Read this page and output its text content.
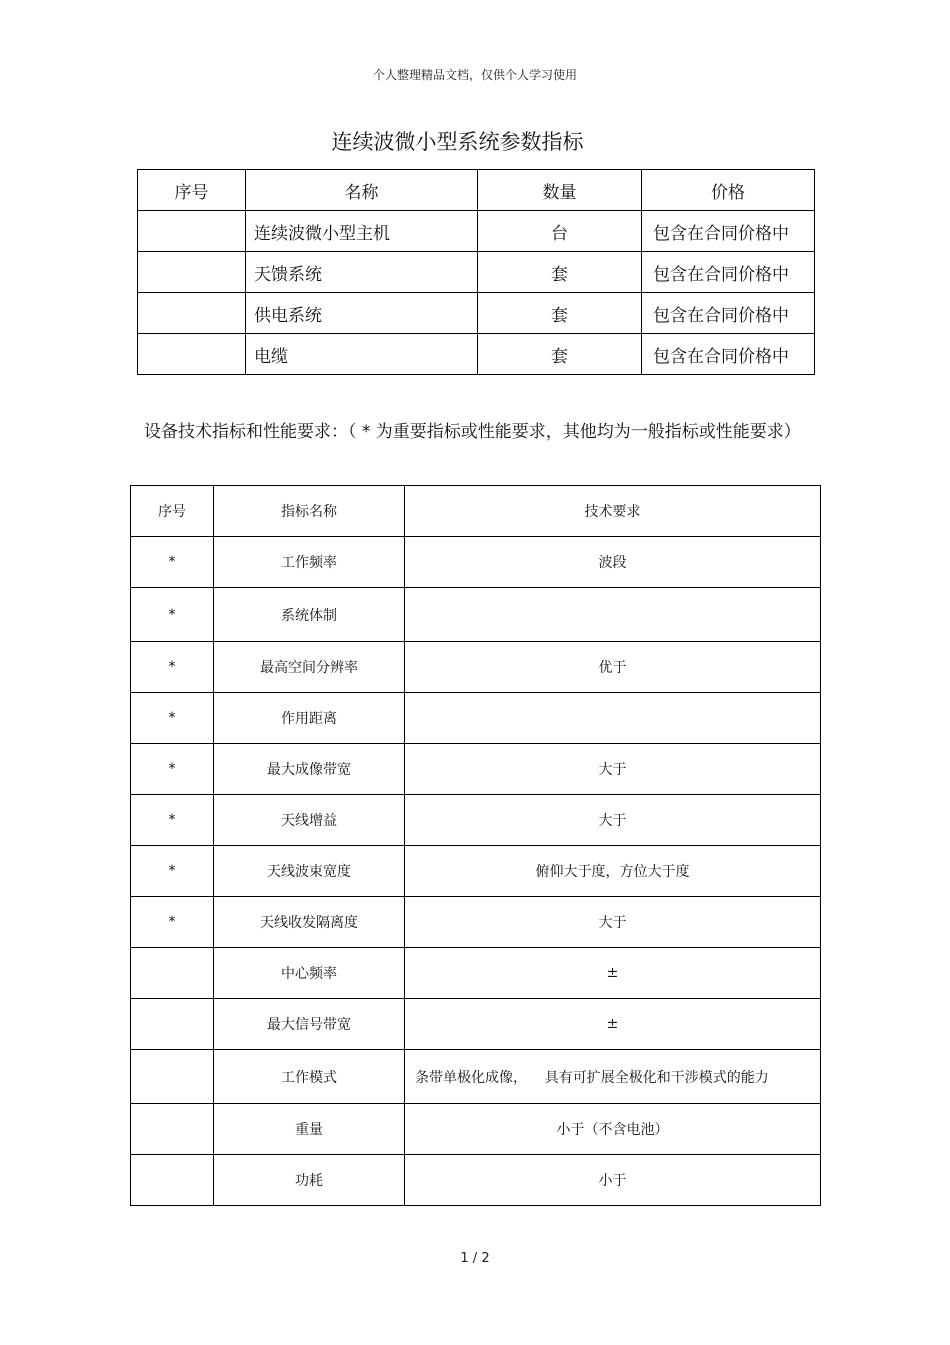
个人整理精品文档，仅供个人学习使用
连续波微小型系统参数指标
序号	名称	数量	价格
	连续波微小型主机	台	包含在合同价格中
	天馈系统	套	包含在合同价格中
	供电系统	套	包含在合同价格中
	电缆	套	包含在合同价格中
设备技术指标和性能要求：（ * 为重要指标或性能要求，其他均为一般指标或性能要求）
序号	指标名称	技术要求
*	工作频率	波段
*	系统体制	
*	最高空间分辨率	优于
*	作用距离	
*	最大成像带宽	大于
*	天线增益	大于
*	天线波束宽度	俯仰大于度，方位大于度
*	天线收发隔离度	大于
	中心频率	±
	最大信号带宽	±
	工作模式	条带单极化成像，    具有可扩展全极化和干涉模式的能力
	重量	小于（不含电池）
	功耗	小于
1 / 2
